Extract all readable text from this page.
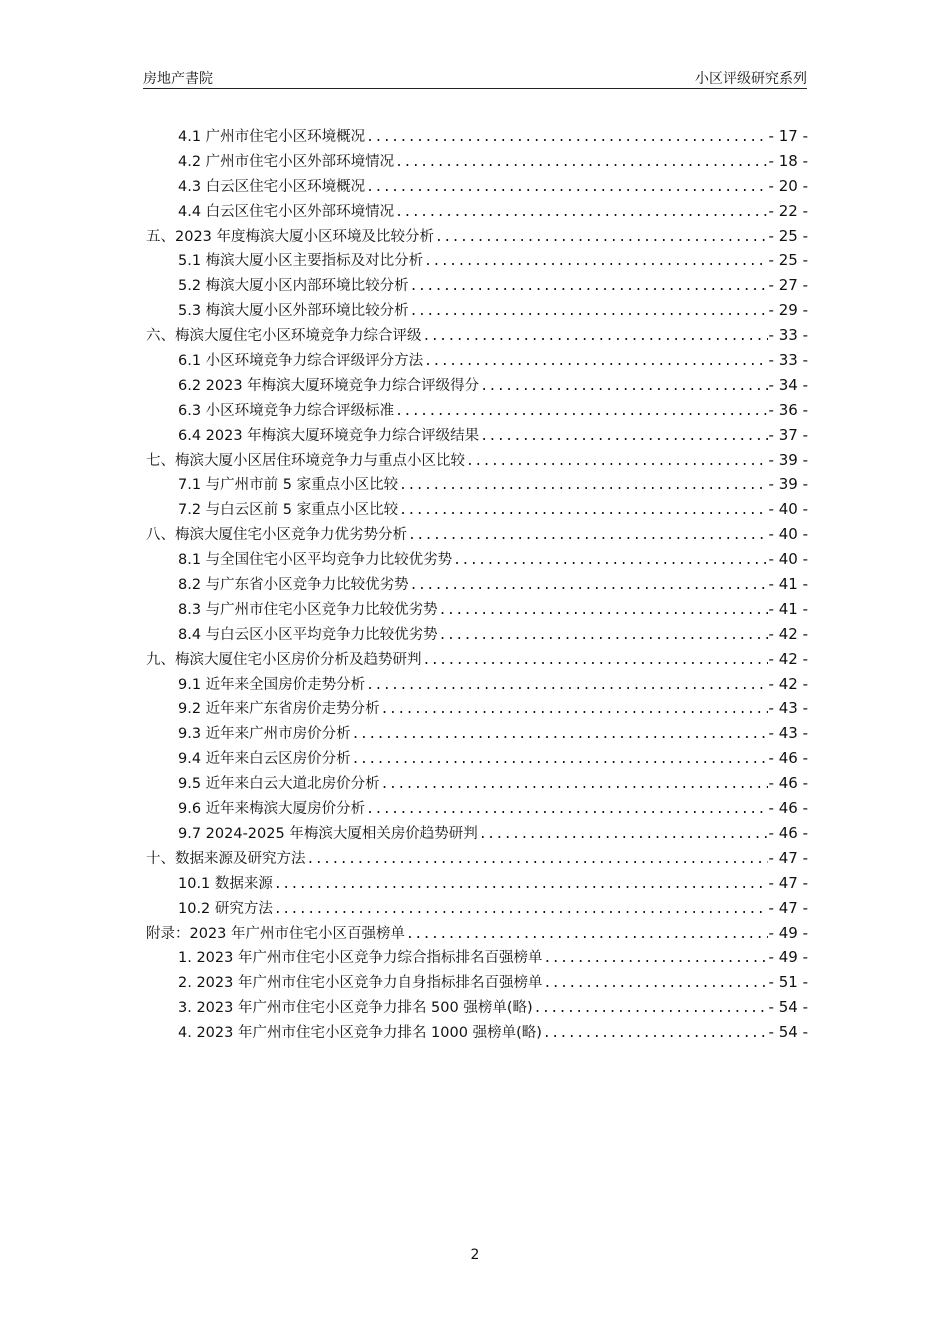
房地产書院	小区评级研究系列
4.1 广州市住宅小区环境概况 .....	- 17 -
4.2 广州市住宅小区外部环境情况 .....	- 18 -
4.3 白云区住宅小区环境概况 .....	- 20 -
4.4 白云区住宅小区外部环境情况 .....	- 22 -
五、2023 年度梅滨大厦小区环境及比较分析 .....	- 25 -
5.1 梅滨大厦小区主要指标及对比分析 .....	- 25 -
5.2 梅滨大厦小区内部环境比较分析 .....	- 27 -
5.3 梅滨大厦小区外部环境比较分析 .....	- 29 -
六、梅滨大厦住宅小区环境竞争力综合评级 .....	- 33 -
6.1 小区环境竞争力综合评级评分方法 .....	- 33 -
6.2 2023 年梅滨大厦环境竞争力综合评级得分 .....	- 34 -
6.3 小区环境竞争力综合评级标准 .....	- 36 -
6.4 2023 年梅滨大厦环境竞争力综合评级结果 .....	- 37 -
七、梅滨大厦小区居住环境竞争力与重点小区比较 .....	- 39 -
7.1 与广州市前 5 家重点小区比较 .....	- 39 -
7.2 与白云区前 5 家重点小区比较 .....	- 40 -
八、梅滨大厦住宅小区竞争力优劣势分析 .....	- 40 -
8.1 与全国住宅小区平均竞争力比较优劣势 .....	- 40 -
8.2 与广东省小区竞争力比较优劣势 .....	- 41 -
8.3 与广州市住宅小区竞争力比较优劣势 .....	- 41 -
8.4 与白云区小区平均竞争力比较优劣势 .....	- 42 -
九、梅滨大厦住宅小区房价分析及趋势研判 .....	- 42 -
9.1 近年来全国房价走势分析 .....	- 42 -
9.2 近年来广东省房价走势分析 .....	- 43 -
9.3 近年来广州市房价分析 .....	- 43 -
9.4 近年来白云区房价分析 .....	- 46 -
9.5 近年来白云大道北房价分析 .....	- 46 -
9.6 近年来梅滨大厦房价分析 .....	- 46 -
9.7 2024-2025 年梅滨大厦相关房价趋势研判 .....	- 46 -
十、数据来源及研究方法 .....	- 47 -
10.1 数据来源 .....	- 47 -
10.2 研究方法 .....	- 47 -
附录：2023 年广州市住宅小区百强榜单 .....	- 49 -
1. 2023 年广州市住宅小区竞争力综合指标排名百强榜单 .....	- 49 -
2. 2023 年广州市住宅小区竞争力自身指标排名百强榜单 .....	- 51 -
3. 2023 年广州市住宅小区竞争力排名 500 强榜单(略) .....	- 54 -
4. 2023 年广州市住宅小区竞争力排名 1000 强榜单(略) .....	- 54 -
2
